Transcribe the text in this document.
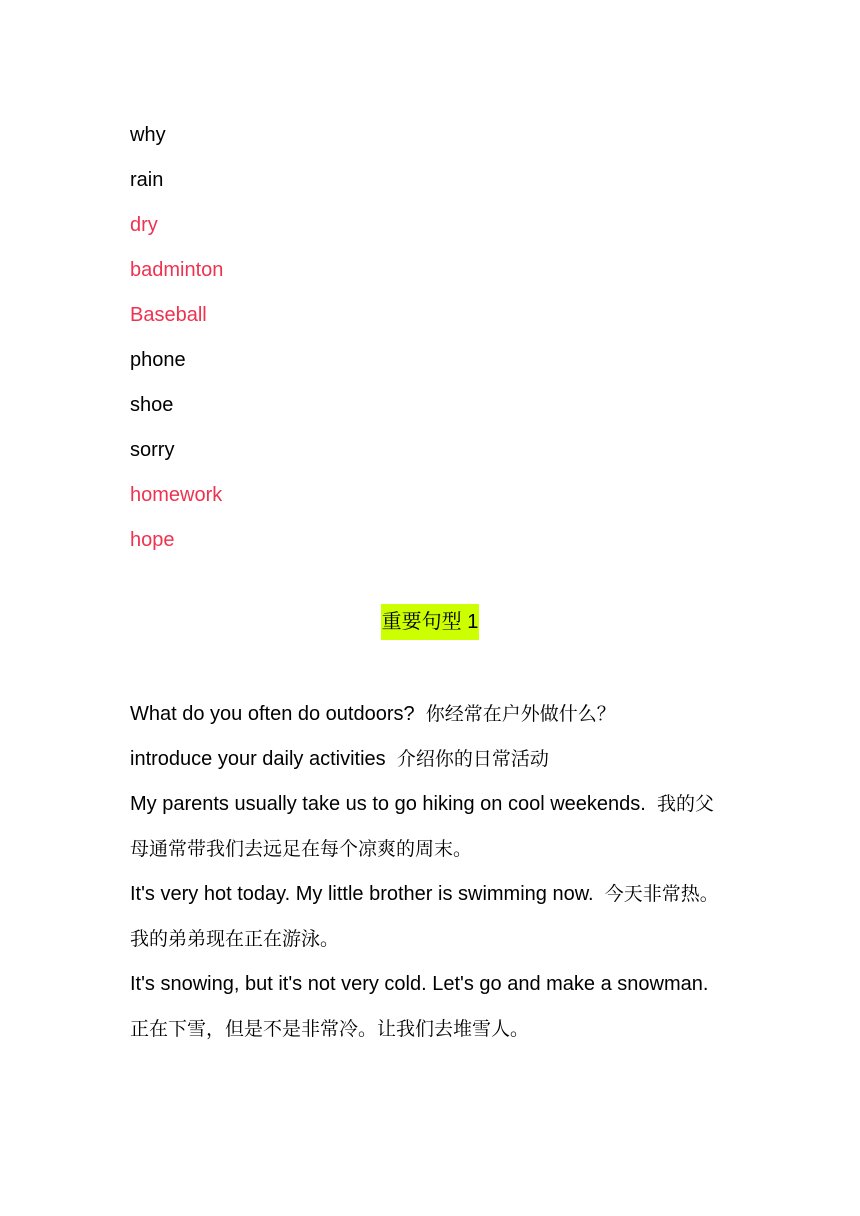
why
rain
dry
badminton
Baseball
phone
shoe
sorry
homework
hope
重要句型 1

What do you often do outdoors? 你经常在户外做什么？

introduce your daily activities 介绍你的日常活动

My parents usually take us to go hiking on cool weekends. 我的父母通常带我们去远足在每个凉爽的周末。

It's very hot today. My little brother is swimming now. 今天非常热。我的弟弟现在正在游泳。

It's snowing, but it's not very cold. Let's go and make a snowman. 正在下雪，但是不是非常冷。让我们去堆雪人。
